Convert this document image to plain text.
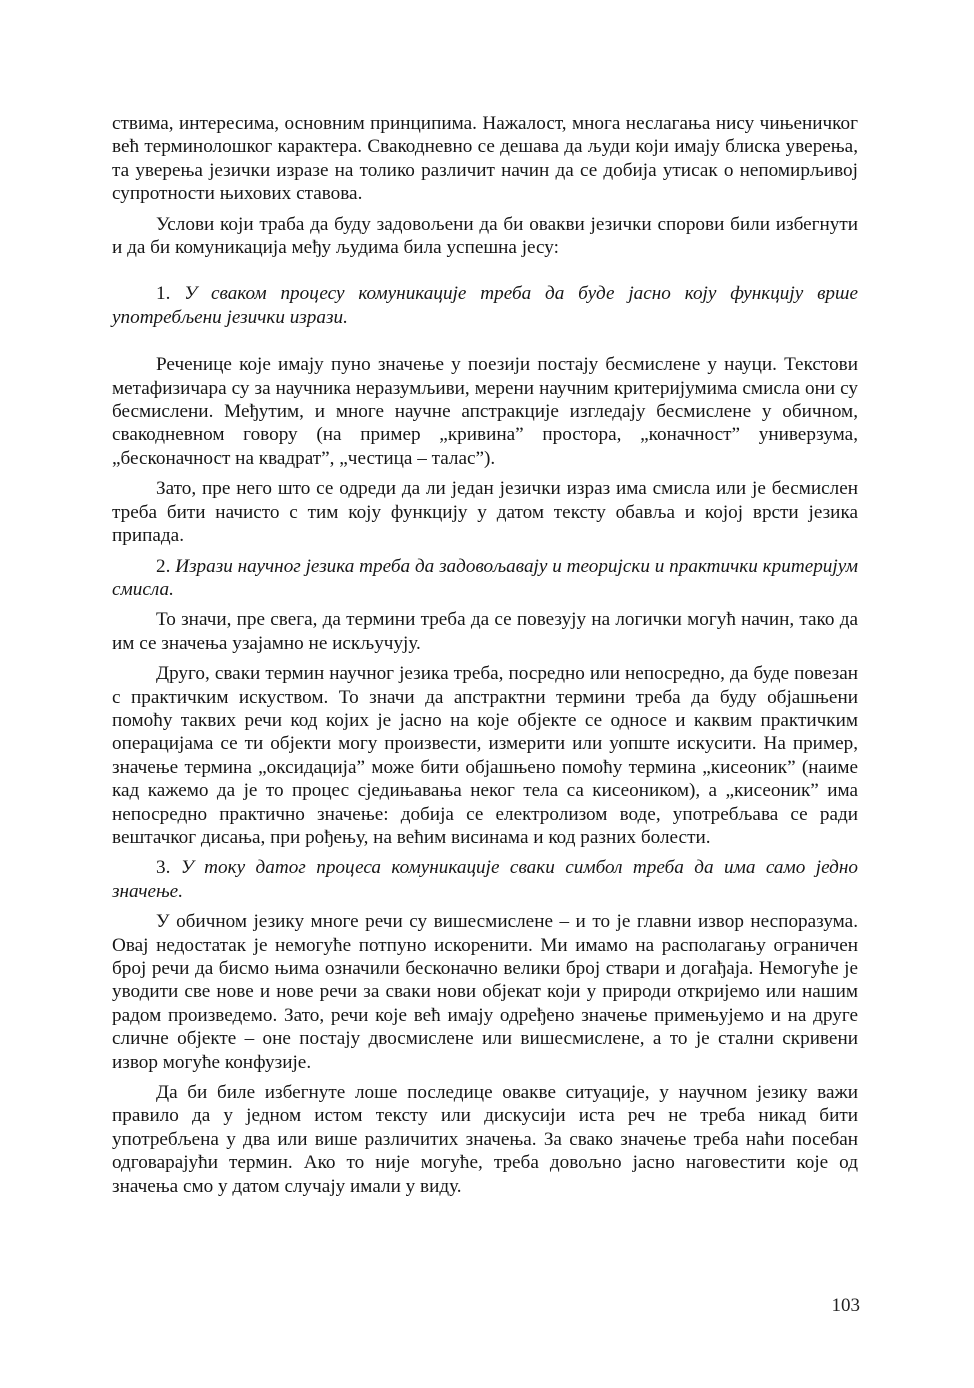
ствима, интересима, основним принципима. Нажалост, многа неслагања нису чињеничког већ терминолошког карактера. Свакодневно се дешава да људи који имају блиска уверења, та уверења језички изразе на толико различит начин да се добија утисак о непомирљивој супротности њихових ставова.

Услови који траба да буду задовољени да би овакви језички спорови били избегнути и да би комуникација међу људима била успешна јесу:

1. У сваком процесу комуникације треба да буде јасно коју функцију врше употребљени језички изрази.

Реченице које имају пуно значење у поезији постају бесмислене у науци. Текстови метафизичара су за научника неразумљиви, мерени научним критеријумима смисла они су бесмислени. Међутим, и многе научне апстракције изгледају бесмислене у обичном, свакодневном говору (на пример „кривина” простора, „коначност” универзума, „бесконачност на квадрат”, „честица – талас”).

Зато, пре него што се одреди да ли један језички израз има смисла или је бесмислен треба бити начисто с тим коју функцију у датом тексту обавља и којој врсти језика припада.

2. Изрази научног језика треба да задовољавају и теоријски и практички критеријум смисла.

То значи, пре свега, да термини треба да се повезују на логички могућ начин, тако да им се значења узајамно не искључују.

Друго, сваки термин научног језика треба, посредно или непосредно, да буде повезан с практичким искуством. То значи да апстрактни термини треба да буду објашњени помоћу таквих речи код којих је јасно на које објекте се односе и каквим практичким операцијама се ти објекти могу произвести, измерити или уопште искусити. На пример, значење термина „оксидација” може бити објашњено помоћу термина „кисеоник” (наиме кад кажемо да је то процес сједињавања неког тела са кисеоником), а „кисеоник” има непосредно практично значење: добија се електролизом воде, употребљава се ради вештачког дисања, при рођењу, на већим висинама и код разних болести.

3. У току датог процеса комуникације сваки симбол треба да има само једно значење.

У обичном језику многе речи су вишесмислене – и то је главни извор неспоразума. Овај недостатак је немогуће потпуно искоренити. Ми имамо на располагању ограничен број речи да бисмо њима означили бесконачно велики број ствари и догађаја. Немогуће је уводити све нове и нове речи за сваки нови објекат који у природи откријемо или нашим радом произведемо. Зато, речи које већ имају одређено значење примењујемо и на друге сличне објекте – оне постају двосмислене или вишесмислене, а то је стални скривени извор могуће конфузије.

Да би биле избегнуте лоше последице овакве ситуације, у научном језику важи правило да у једном истом тексту или дискусији иста реч не треба никад бити употребљена у два или више различитих значења. За свако значење треба наћи посебан одговарајући термин. Ако то није могуће, треба довољно јасно наговестити које од значења смо у датом случају имали у виду.

103
